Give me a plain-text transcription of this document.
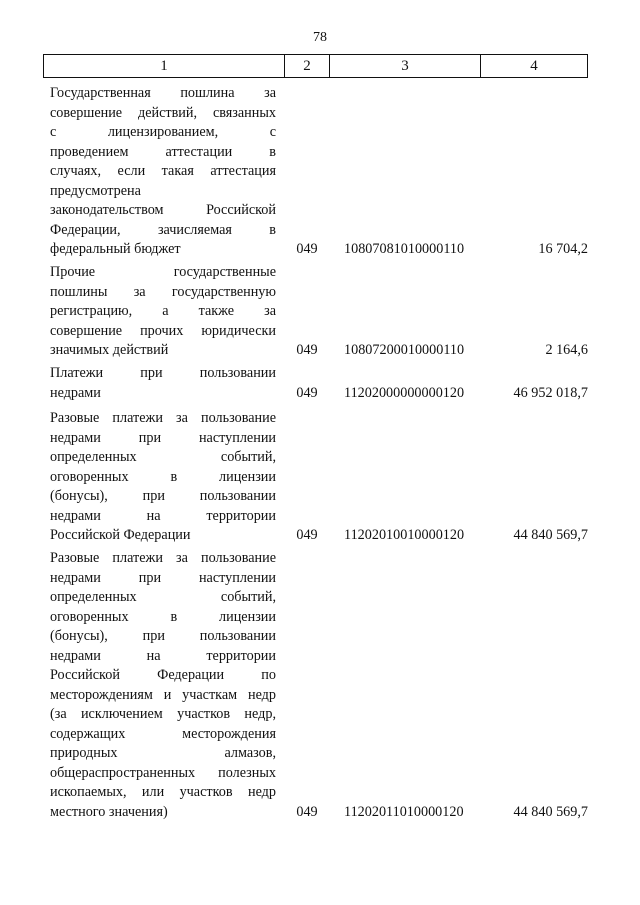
78
1	2	3	4
Государственная пошлина за
совершение действий, связанных
с лицензированием, с
проведением аттестации в
случаях, если такая аттестация
предусмотрена
законодательством Российской
Федерации, зачисляемая в
федеральный бюджет	049	10807081010000110	16 704,2
Прочие государственные
пошлины за государственную
регистрацию, а также за
совершение прочих юридически
значимых действий	049	10807200010000110	2 164,6
Платежи при пользовании
недрами	049	11202000000000120	46 952 018,7
Разовые платежи за пользование
недрами при наступлении
определенных событий,
оговоренных в лицензии
(бонусы), при пользовании
недрами на территории
Российской Федерации	049	11202010010000120	44 840 569,7
Разовые платежи за пользование
недрами при наступлении
определенных событий,
оговоренных в лицензии
(бонусы), при пользовании
недрами на территории
Российской Федерации по
месторождениям и участкам недр
(за исключением участков недр,
содержащих месторождения
природных алмазов,
общераспространенных полезных
ископаемых, или участков недр
местного значения)	049	11202011010000120	44 840 569,7
